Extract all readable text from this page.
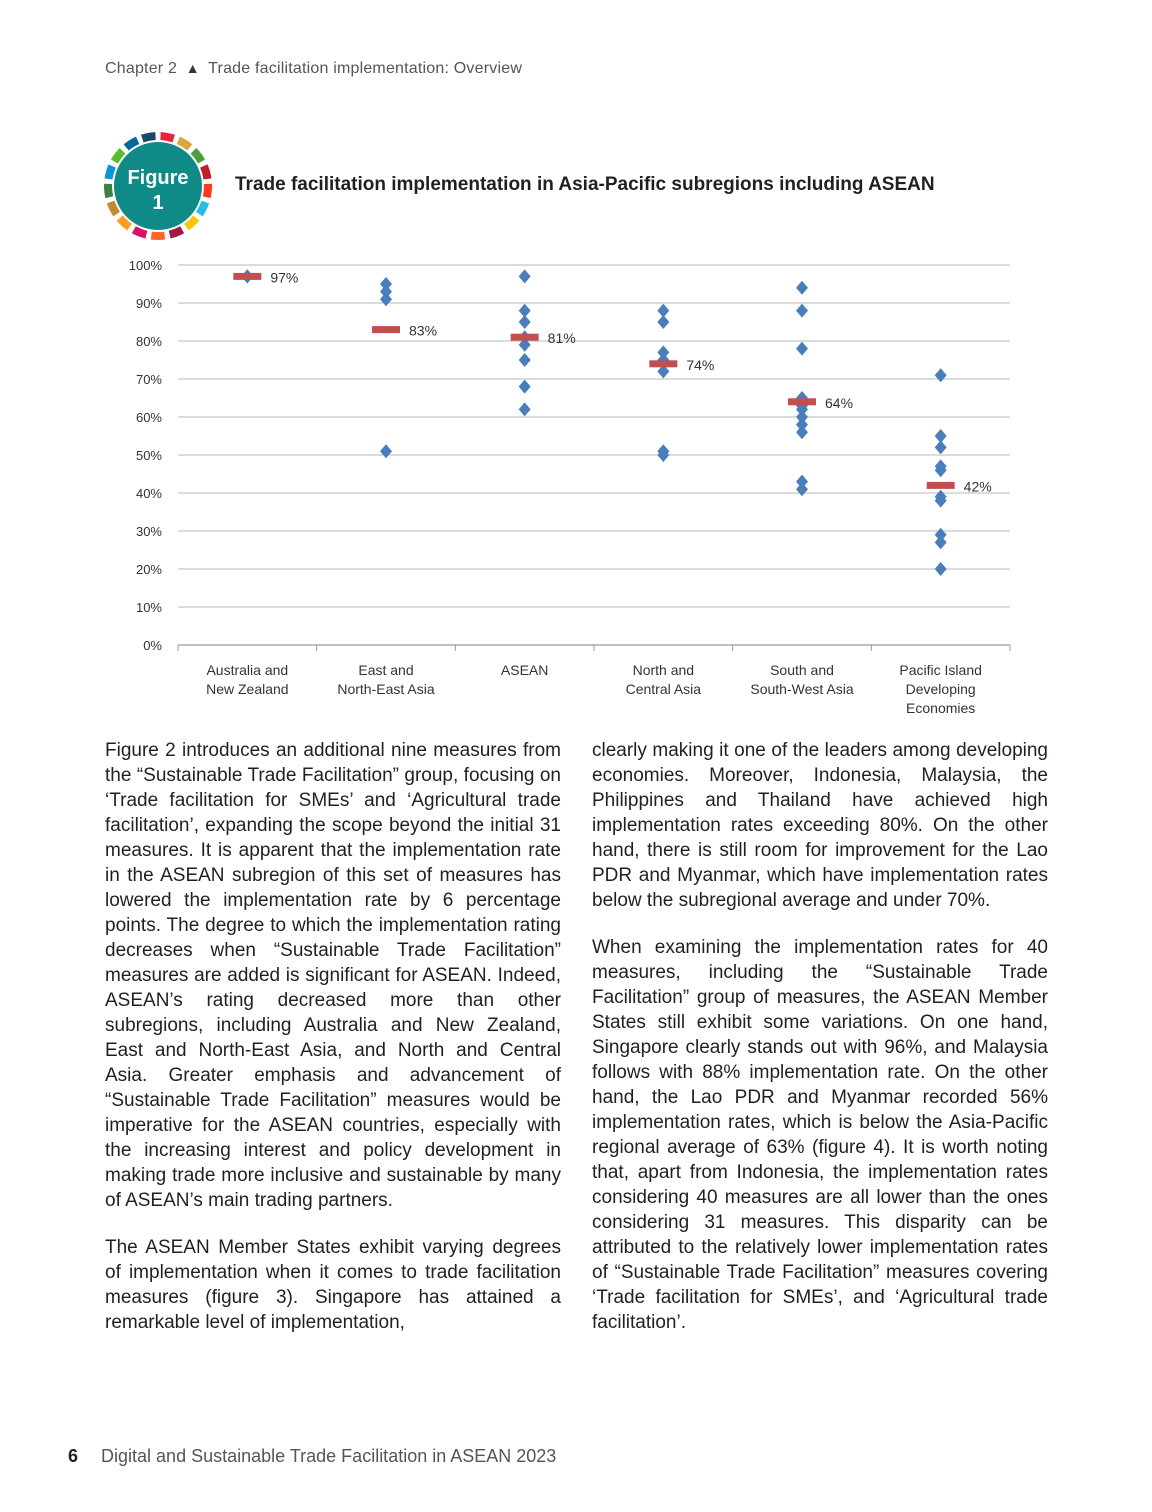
Chapter 2 ▲ Trade facilitation implementation: Overview
Figure
1
Trade facilitation implementation in Asia-Pacific subregions including ASEAN
0%
10%
20%
30%
40%
50%
60%
70%
80%
90%
100%
Australia and
New Zealand
East and
North-East Asia
ASEAN	North and
Central Asia
South and
South-West Asia
Pacific Island
Developing
Economies
97%
83%	81%
74%
64%
42%

Figure 2 introduces an additional nine measures from the “Sustainable Trade Facilitation” group, focusing on ‘Trade facilitation for SMEs’ and ‘Agricultural trade facilitation’, expanding the scope beyond the initial 31 measures. It is apparent that the implementation rate in the ASEAN subregion of this set of measures has lowered the implementation rate by 6 percentage points. The degree to which the implementation rating decreases when “Sustainable Trade Facilitation” measures are added is significant for ASEAN. Indeed, ASEAN’s rating decreased more than other subregions, including Australia and New Zealand, East and North-East Asia, and North and Central Asia. Greater emphasis and advancement of “Sustainable Trade Facilitation” measures would be imperative for the ASEAN countries, especially with the increasing interest and policy development in making trade more inclusive and sustainable by many of ASEAN’s main trading partners.

The ASEAN Member States exhibit varying degrees of implementation when it comes to trade facilitation measures (figure 3). Singapore has attained a remarkable level of implementation,

clearly making it one of the leaders among developing economies. Moreover, Indonesia, Malaysia, the Philippines and Thailand have achieved high implementation rates exceeding 80%. On the other hand, there is still room for improvement for the Lao PDR and Myanmar, which have implementation rates below the subregional average and under 70%.

When examining the implementation rates for 40 measures, including the “Sustainable Trade Facilitation” group of measures, the ASEAN Member States still exhibit some variations. On one hand, Singapore clearly stands out with 96%, and Malaysia follows with 88% implementation rate. On the other hand, the Lao PDR and Myanmar recorded 56% implementation rates, which is below the Asia-Pacific regional average of 63% (figure 4). It is worth noting that, apart from Indonesia, the implementation rates considering 40 measures are all lower than the ones considering 31 measures. This disparity can be attributed to the relatively lower implementation rates of “Sustainable Trade Facilitation” measures covering ‘Trade facilitation for SMEs’, and ‘Agricultural trade facilitation’.

6 Digital and Sustainable Trade Facilitation in ASEAN 2023
